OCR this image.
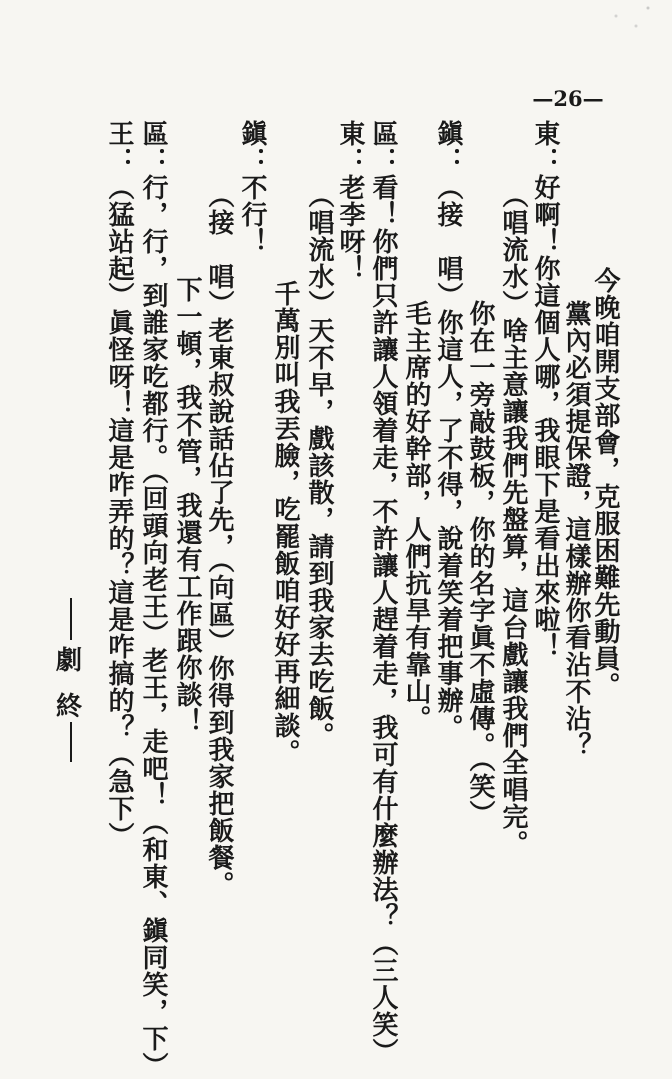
—26—
今晚咱開支部會，克服困難先動員。
黨內必須提保證，這樣辦你看沾不沾？
東：好啊！你這個人哪，我眼下是看出來啦！
（唱流水）啥主意讓我們先盤算，這台戲讓我們全唱完。
你在一旁敲鼓板，你的名字眞不虛傳。（笑）
鎭：（接　唱）你這人，了不得，說着笑着把事辦。
毛主席的好幹部，人們抗旱有靠山。
區：看！你們只許讓人領着走，不許讓人趕着走，我可有什麼辦法？（三人笑）
東：老李呀！
（唱流水）天不早，戲該散，請到我家去吃飯。
千萬別叫我丟臉，吃罷飯咱好好再細談。
鎭：不行！
（接　唱）老東叔說話佔了先，（向區）你得到我家把飯餐。
下一頓，我不管，我還有工作跟你談！
區：行，行，到誰家吃都行。（回頭向老王）老王，走吧！（和東、鎭同笑，下）
王：（猛站起）眞怪呀！這是咋弄的？這是咋搞的？（急下）
劇
終
